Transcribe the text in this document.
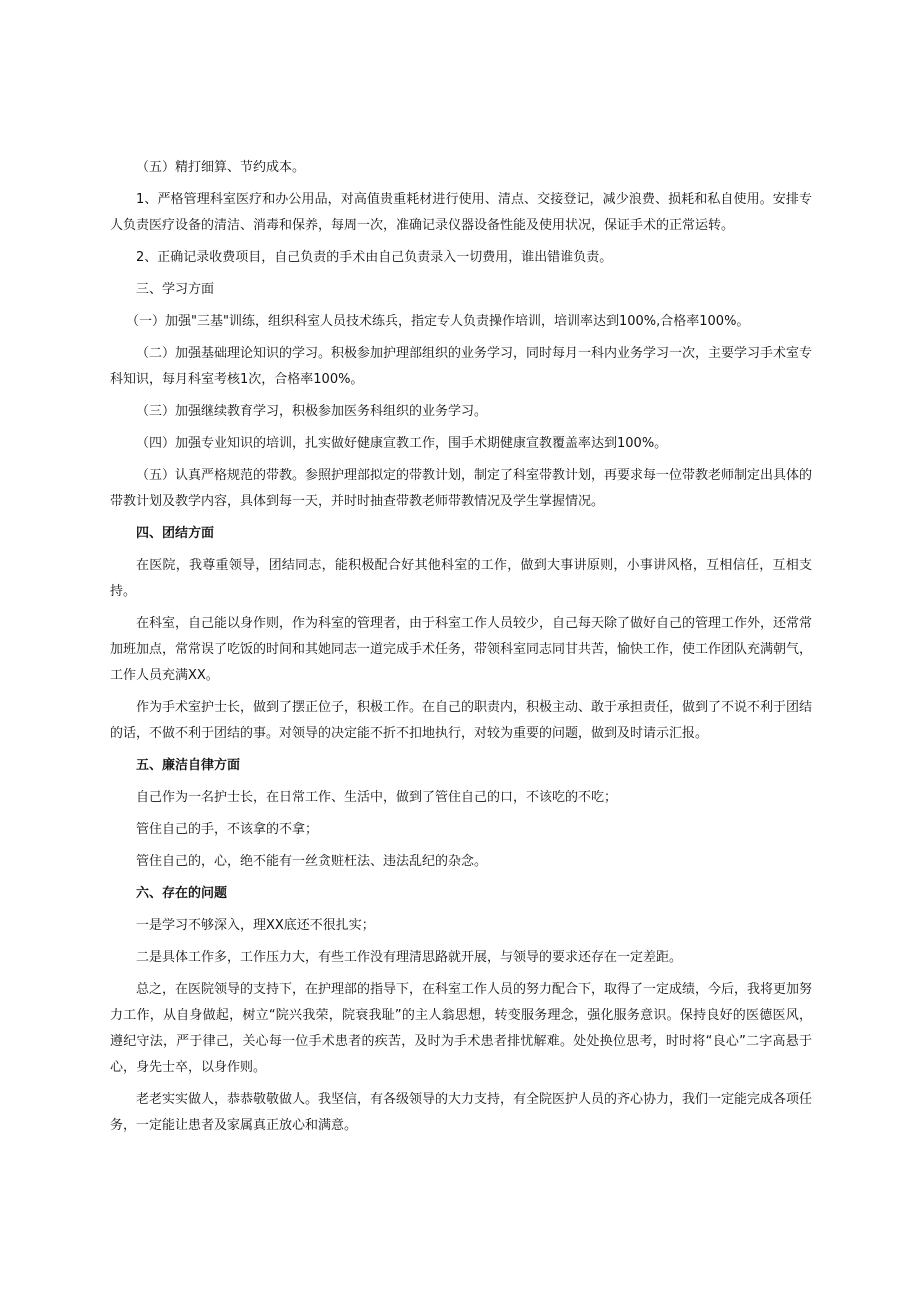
（五）精打细算、节约成本。

1、严格管理科室医疗和办公用品，对高值贵重耗材进行使用、清点、交接登记，减少浪费、损耗和私自使用。安排专人负责医疗设备的清洁、消毒和保养，每周一次，准确记录仪器设备性能及使用状况，保证手术的正常运转。

2、正确记录收费项目，自己负责的手术由自己负责录入一切费用，谁出错谁负责。

三、学习方面

（一）加强"三基"训练，组织科室人员技术练兵，指定专人负责操作培训，培训率达到100%,合格率100%。

（二）加强基础理论知识的学习。积极参加护理部组织的业务学习，同时每月一科内业务学习一次，主要学习手术室专科知识，每月科室考核1次，合格率100%。

（三）加强继续教育学习，积极参加医务科组织的业务学习。

（四）加强专业知识的培训，扎实做好健康宣教工作，围手术期健康宣教覆盖率达到100%。

（五）认真严格规范的带教。参照护理部拟定的带教计划，制定了科室带教计划，再要求每一位带教老师制定出具体的带教计划及教学内容，具体到每一天，并时时抽查带教老师带教情况及学生掌握情况。

四、团结方面

在医院，我尊重领导，团结同志，能积极配合好其他科室的工作，做到大事讲原则，小事讲风格，互相信任，互相支持。

在科室，自己能以身作则，作为科室的管理者，由于科室工作人员较少，自己每天除了做好自己的管理工作外，还常常加班加点，常常误了吃饭的时间和其她同志一道完成手术任务，带领科室同志同甘共苦，愉快工作，使工作团队充满朝气，工作人员充满XX。

作为手术室护士长，做到了摆正位子，积极工作。在自己的职责内，积极主动、敢于承担责任，做到了不说不利于团结的话，不做不利于团结的事。对领导的决定能不折不扣地执行，对较为重要的问题，做到及时请示汇报。

五、廉洁自律方面

自己作为一名护士长，在日常工作、生活中，做到了管住自己的口，不该吃的不吃；

管住自己的手，不该拿的不拿；

管住自己的，心，绝不能有一丝贪赃枉法、违法乱纪的杂念。

六、存在的问题

一是学习不够深入，理XX底还不很扎实；

二是具体工作多，工作压力大，有些工作没有理清思路就开展，与领导的要求还存在一定差距。

总之，在医院领导的支持下，在护理部的指导下，在科室工作人员的努力配合下，取得了一定成绩，今后，我将更加努力工作，从自身做起，树立“院兴我荣，院衰我耻”的主人翁思想，转变服务理念，强化服务意识。保持良好的医德医风，遵纪守法，严于律己，关心每一位手术患者的疾苦，及时为手术患者排忧解难。处处换位思考，时时将“良心”二字高悬于心，身先士卒，以身作则。

老老实实做人，恭恭敬敬做人。我坚信，有各级领导的大力支持，有全院医护人员的齐心协力，我们一定能完成各项任务，一定能让患者及家属真正放心和满意。
